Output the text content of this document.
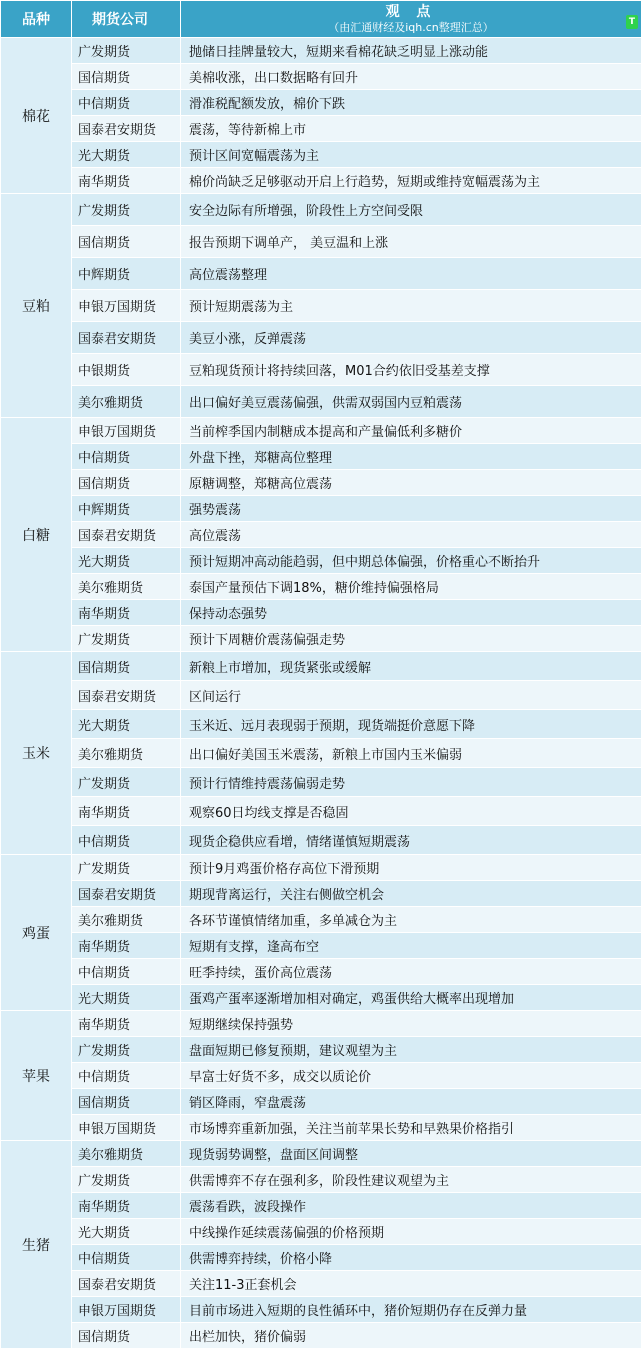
品种	期货公司	观 点
（由汇通财经及iqh.cn整理汇总） T

棉花	广发期货	抛储日挂牌量较大，短期来看棉花缺乏明显上涨动能
	国信期货	美棉收涨，出口数据略有回升
	中信期货	滑准税配额发放，棉价下跌
	国泰君安期货	震荡，等待新棉上市
	光大期货	预计区间宽幅震荡为主
	南华期货	棉价尚缺乏足够驱动开启上行趋势，短期或维持宽幅震荡为主
豆粕	广发期货	安全边际有所增强，阶段性上方空间受限
	国信期货	报告预期下调单产， 美豆温和上涨
	中辉期货	高位震荡整理
	申银万国期货	预计短期震荡为主
	国泰君安期货	美豆小涨，反弹震荡
	中银期货	豆粕现货预计将持续回落，M01合约依旧受基差支撑
	美尔雅期货	出口偏好美豆震荡偏强，供需双弱国内豆粕震荡
白糖	申银万国期货	当前榨季国内制糖成本提高和产量偏低利多糖价
	中信期货	外盘下挫，郑糖高位整理
	国信期货	原糖调整，郑糖高位震荡
	中辉期货	强势震荡
	国泰君安期货	高位震荡
	光大期货	预计短期冲高动能趋弱，但中期总体偏强，价格重心不断抬升
	美尔雅期货	泰国产量预估下调18%，糖价维持偏强格局
	南华期货	保持动态强势
	广发期货	预计下周糖价震荡偏强走势
玉米	国信期货	新粮上市增加，现货紧张或缓解
	国泰君安期货	区间运行
	光大期货	玉米近、远月表现弱于预期，现货端挺价意愿下降
	美尔雅期货	出口偏好美国玉米震荡，新粮上市国内玉米偏弱
	广发期货	预计行情维持震荡偏弱走势
	南华期货	观察60日均线支撑是否稳固
	中信期货	现货企稳供应看增，情绪谨慎短期震荡
鸡蛋	广发期货	预计9月鸡蛋价格存高位下滑预期
	国泰君安期货	期现背离运行，关注右侧做空机会
	美尔雅期货	各环节谨慎情绪加重，多单减仓为主
	南华期货	短期有支撑，逢高布空
	中信期货	旺季持续，蛋价高位震荡
	光大期货	蛋鸡产蛋率逐渐增加相对确定，鸡蛋供给大概率出现增加
苹果	南华期货	短期继续保持强势
	广发期货	盘面短期已修复预期，建议观望为主
	中信期货	早富士好货不多，成交以质论价
	国信期货	销区降雨，窄盘震荡
	申银万国期货	市场博弈重新加强，关注当前苹果长势和早熟果价格指引
生猪	美尔雅期货	现货弱势调整，盘面区间调整
	广发期货	供需博弈不存在强利多，阶段性建议观望为主
	南华期货	震荡看跌，波段操作
	光大期货	中线操作延续震荡偏强的价格预期
	中信期货	供需博弈持续，价格小降
	国泰君安期货	关注11-3正套机会
	申银万国期货	目前市场进入短期的良性循环中，猪价短期仍存在反弹力量
	国信期货	出栏加快，猪价偏弱
